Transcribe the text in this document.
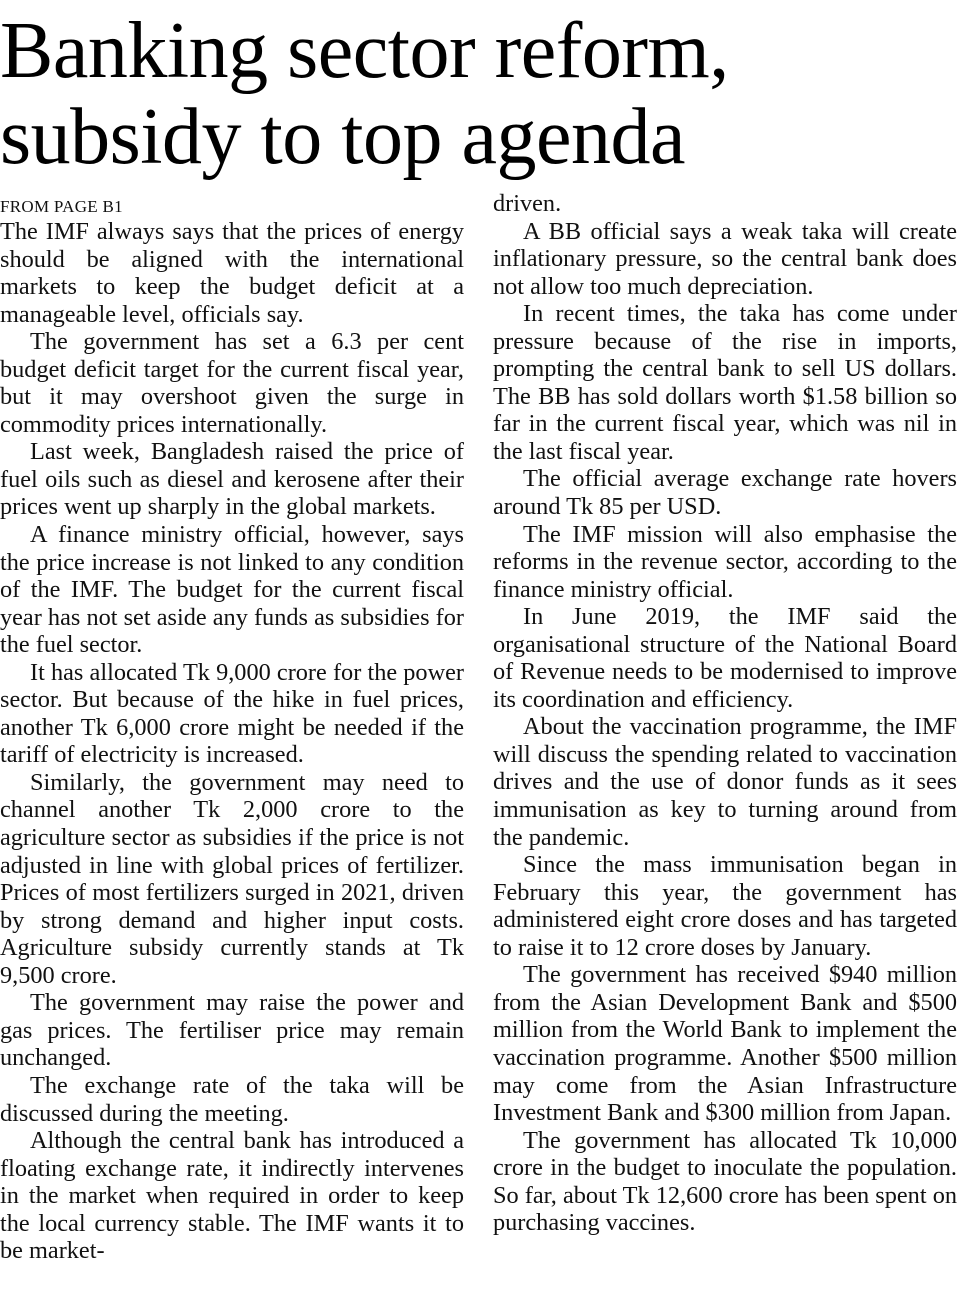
Banking sector reform, subsidy to top agenda
FROM PAGE B1

The IMF always says that the prices of energy should be aligned with the international markets to keep the budget deficit at a manageable level, officials say.

The government has set a 6.3 per cent budget deficit target for the current fiscal year, but it may overshoot given the surge in commodity prices internationally.

Last week, Bangladesh raised the price of fuel oils such as diesel and kerosene after their prices went up sharply in the global markets.

A finance ministry official, however, says the price increase is not linked to any condition of the IMF. The budget for the current fiscal year has not set aside any funds as subsidies for the fuel sector.

It has allocated Tk 9,000 crore for the power sector. But because of the hike in fuel prices, another Tk 6,000 crore might be needed if the tariff of electricity is increased.

Similarly, the government may need to channel another Tk 2,000 crore to the agriculture sector as subsidies if the price is not adjusted in line with global prices of fertilizer. Prices of most fertilizers surged in 2021, driven by strong demand and higher input costs. Agriculture subsidy currently stands at Tk 9,500 crore.

The government may raise the power and gas prices. The fertiliser price may remain unchanged.

The exchange rate of the taka will be discussed during the meeting.

Although the central bank has introduced a floating exchange rate, it indirectly intervenes in the market when required in order to keep the local currency stable. The IMF wants it to be market-

driven.

A BB official says a weak taka will create inflationary pressure, so the central bank does not allow too much depreciation.

In recent times, the taka has come under pressure because of the rise in imports, prompting the central bank to sell US dollars. The BB has sold dollars worth $1.58 billion so far in the current fiscal year, which was nil in the last fiscal year.

The official average exchange rate hovers around Tk 85 per USD.

The IMF mission will also emphasise the reforms in the revenue sector, according to the finance ministry official.

In June 2019, the IMF said the organisational structure of the National Board of Revenue needs to be modernised to improve its coordination and efficiency.

About the vaccination programme, the IMF will discuss the spending related to vaccination drives and the use of donor funds as it sees immunisation as key to turning around from the pandemic.

Since the mass immunisation began in February this year, the government has administered eight crore doses and has targeted to raise it to 12 crore doses by January.

The government has received $940 million from the Asian Development Bank and $500 million from the World Bank to implement the vaccination programme. Another $500 million may come from the Asian Infrastructure Investment Bank and $300 million from Japan.

The government has allocated Tk 10,000 crore in the budget to inoculate the population. So far, about Tk 12,600 crore has been spent on purchasing vaccines.
